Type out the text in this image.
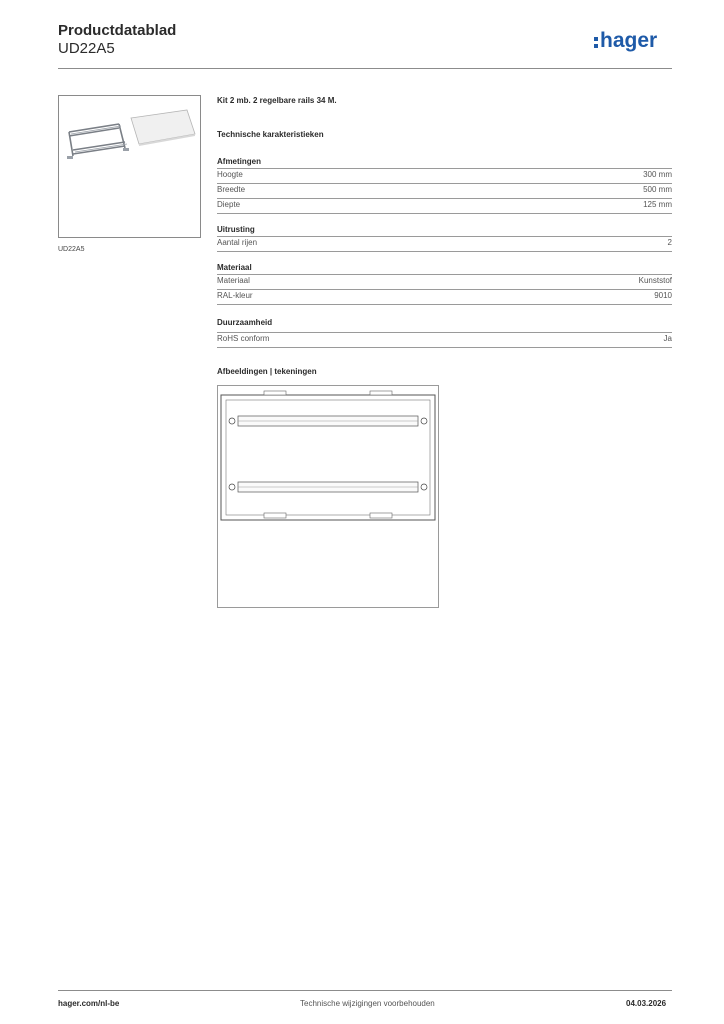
Productdatablad
UD22A5	hager
UD22A5
Kit 2 mb. 2 regelbare rails 34 M.
Technische karakteristieken
Afmetingen
Hoogte	300 mm
Breedte	500 mm
Diepte	125 mm
Uitrusting
Aantal rijen	2
Materiaal
Materiaal	Kunststof
RAL-kleur	9010
Duurzaamheid
RoHS conform	Ja
Afbeeldingen | tekeningen
hager.com/nl-be	Technische wijzigingen voorbehouden	04.03.2026
